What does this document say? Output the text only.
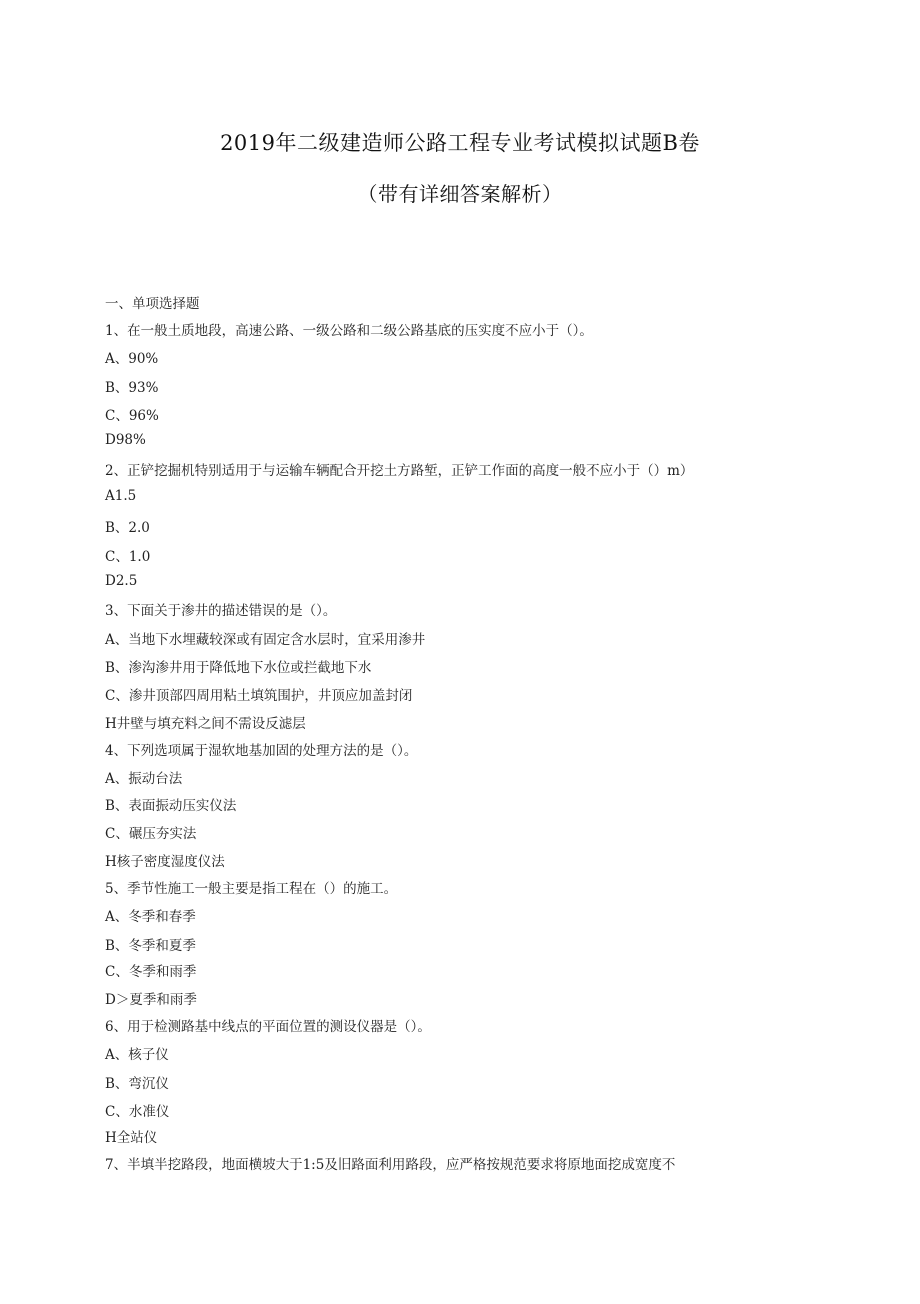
2019年二级建造师公路工程专业考试模拟试题B卷
（带有详细答案解析）
一、单项选择题
1、在一般土质地段，高速公路、一级公路和二级公路基底的压实度不应小于（）。
A、90%
B、93%
C、96%
D98%
2、正铲挖掘机特别适用于与运输车辆配合开挖土方路堑，正铲工作面的高度一般不应小于（）m）
A1.5
B、2.0
C、1.0
D2.5
3、下面关于渗井的描述错误的是（）。
A、当地下水埋藏较深或有固定含水层时，宜采用渗井
B、渗沟渗井用于降低地下水位或拦截地下水
C、渗井顶部四周用粘土填筑围护，井顶应加盖封闭
H井壁与填充料之间不需设反滤层
4、下列选项属于湿软地基加固的处理方法的是（）。
A、振动台法
B、表面振动压实仪法
C、碾压夯实法
H核子密度湿度仪法
5、季节性施工一般主要是指工程在（）的施工。
A、冬季和春季
B、冬季和夏季
C、冬季和雨季
D＞夏季和雨季
6、用于检测路基中线点的平面位置的测设仪器是（）。
A、核子仪
B、弯沉仪
C、水准仪
H全站仪
7、半填半挖路段，地面横坡大于1:5及旧路面利用路段，应严格按规范要求将原地面挖成宽度不
